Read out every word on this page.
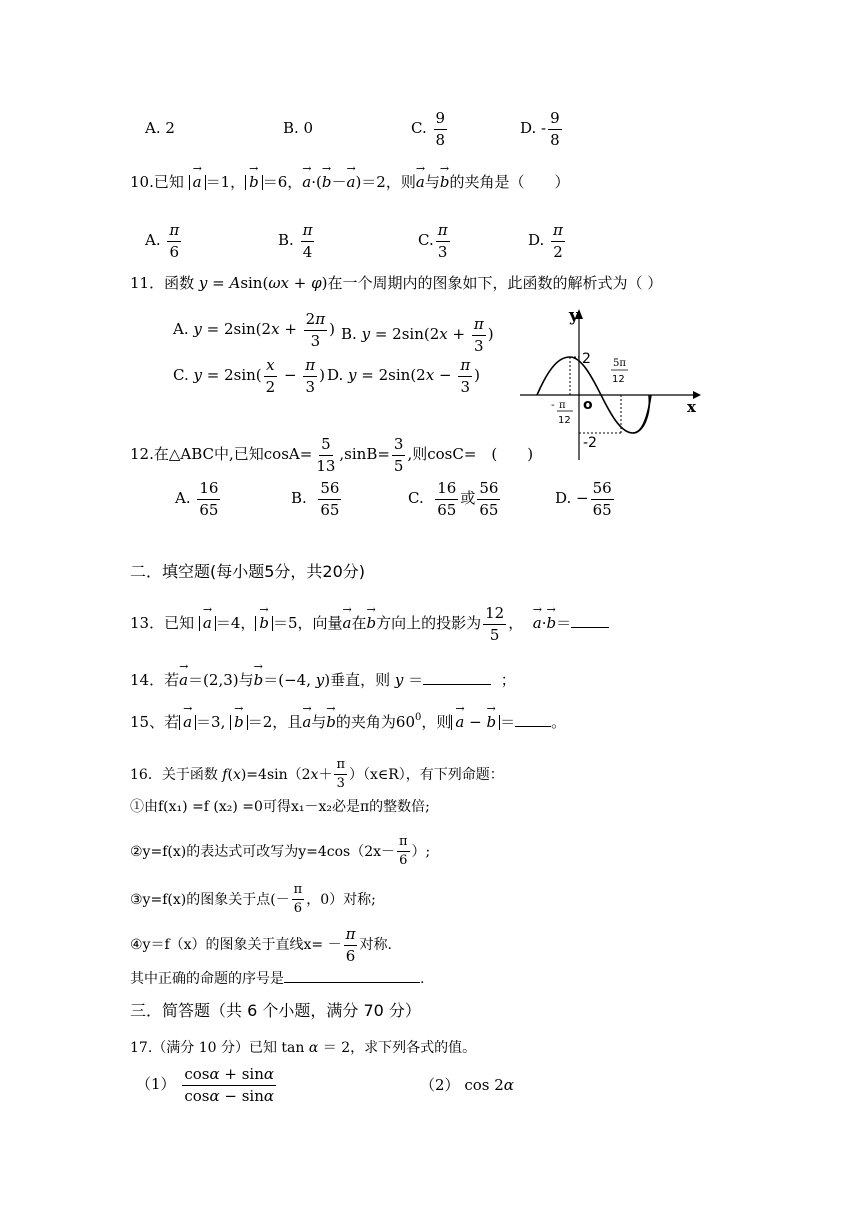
A. 2	B. 0	C. $\frac{9}{8}$	D. - $\frac{9}{8}$
10.已知 → a ＝1， → b ＝6，→ a·(→ b－→ a)＝2，则→ a与→ b的夹角是（　　）
A. $\frac{\pi}{6}$	B. $\frac{\pi}{4}$	C. $\frac{\pi}{3}$	D. $\frac{\pi}{2}$
11．函数 y = Asin(ωx + φ)在一个周期内的图象如下，此函数的解析式为（ ）
A. $y = 2\sin(2x + \frac{2\pi}{3}$ ) B. $y = 2\sin(2x + \frac{\pi}{3}$ )
C. $y = 2\sin( \frac{x}{2} - \frac{\pi}{3}$ ) D. $y = 2\sin(2x - \frac{\pi}{3}$ )
y
x
o
2
-2
- π
12
5π
12
12.在△ABC中,已知$\cos A= \frac{5}{13} ,\sin B= \frac{3}{5}$ ,则cosC=　(　　)
A. $\frac{16}{65}$	B. $\frac{56}{65}$	C. $\frac{16}{65}$ 或 $\frac{56}{65}$	D. − $\frac{56}{65}$
二．填空题(每小题5分，共20分)
13．已知 → a ＝4， → b ＝5，向量→ a在→ b方向上的投影为 $\frac{12}{5}$ ， → a·→ b＝
14．若→ a＝(2,3)与→ b＝(−4, y)垂直，则 y ＝	；
15、若 → a ＝3, → b ＝2，且→ a与→ b的夹角为$60^0$，则 → a − → b ＝ 。
16．关于函数 $f(x)=4\sin(2x+ \frac{\pi}{3}$ ）（x∈R），有下列命题：
①由f(x₁) =f (x₂) =0可得x₁－x₂必是π的整数倍;
②y=f(x)的表达式可改写为$y=4\cos(2x- \frac{\pi}{6}$ ）;
③y=f(x)的图象关于点(－ $\frac{\pi}{6}$ ，0）对称;
④y＝f（x）的图象关于直线$x= - \frac{\pi}{6}$ 对称.
其中正确的命题的序号是	.
三．简答题（共 6 个小题，满分 70 分）
17.（满分 10 分）已知 tan α ＝ 2，求下列各式的值。
$(1) \frac{\cos\alpha + \sin\alpha}{\cos\alpha - \sin\alpha}$	（2） cos 2α
